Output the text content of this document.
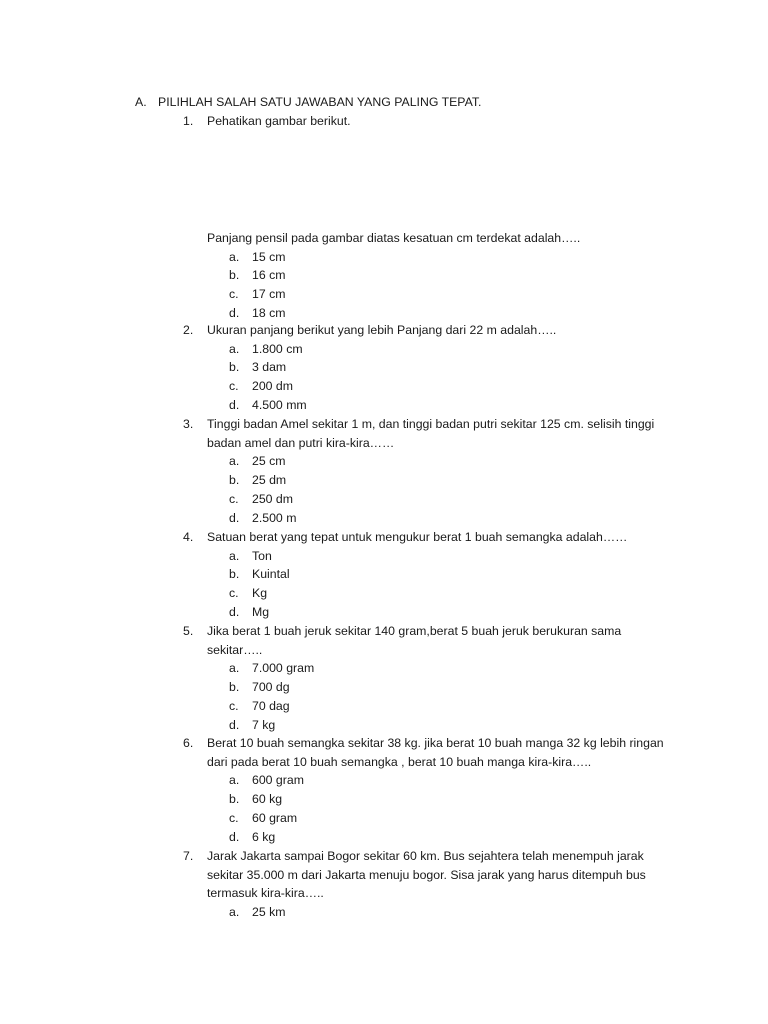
A. PILIHLAH SALAH SATU JAWABAN YANG PALING TEPAT.
1. Pehatikan gambar berikut.
Panjang pensil pada gambar diatas kesatuan cm terdekat adalah…..
a. 15 cm
b. 16 cm
c. 17 cm
d. 18 cm
2. Ukuran panjang berikut yang lebih Panjang dari 22 m adalah…..
a. 1.800 cm
b. 3 dam
c. 200 dm
d. 4.500 mm
3. Tinggi badan Amel sekitar 1 m, dan tinggi badan putri sekitar 125 cm. selisih tinggi
badan amel dan putri kira-kira……
a. 25 cm
b. 25 dm
c. 250 dm
d. 2.500 m
4. Satuan berat yang tepat untuk mengukur berat 1 buah semangka adalah……
a. Ton
b. Kuintal
c. Kg
d. Mg
5. Jika berat 1 buah jeruk sekitar 140 gram,berat 5 buah jeruk berukuran sama
sekitar…..
a. 7.000 gram
b. 700 dg
c. 70 dag
d. 7 kg
6. Berat 10 buah semangka sekitar 38 kg. jika berat 10 buah manga 32 kg lebih ringan
dari pada berat 10 buah semangka , berat 10 buah manga kira-kira…..
a. 600 gram
b. 60 kg
c. 60 gram
d. 6 kg
7. Jarak Jakarta sampai Bogor sekitar 60 km. Bus sejahtera telah menempuh jarak
sekitar 35.000 m dari Jakarta menuju bogor. Sisa jarak yang harus ditempuh bus
termasuk kira-kira…..
a. 25 km
